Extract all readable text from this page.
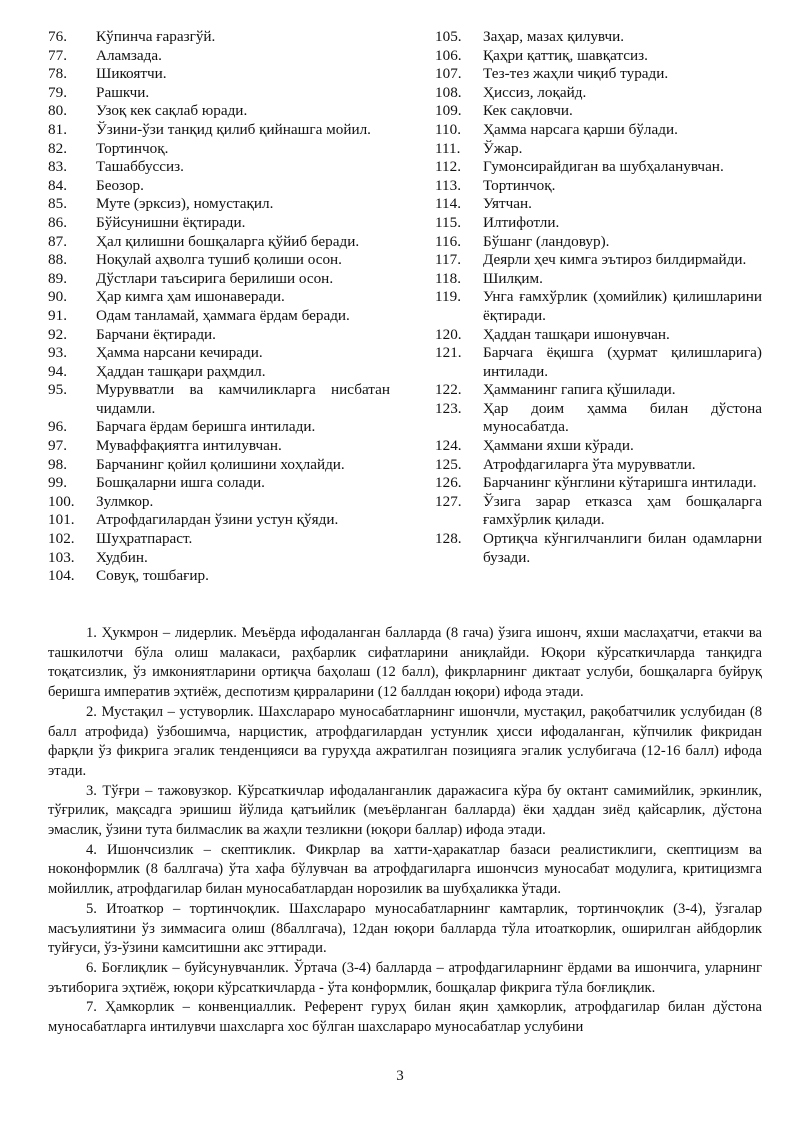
76.	Кўпинча ғаразгўй.
77.	Аламзада.
78.	Шикоятчи.
79.	Рашкчи.
80.	Узоқ кек сақлаб юради.
81.	Ўзини-ўзи танқид қилиб қийнашга мойил.
82.	Тортинчоқ.
83.	Ташаббуссиз.
84.	Беозор.
85.	Муте (эрксиз), номустақил.
86.	Бўйсунишни ёқтиради.
87.	Ҳал қилишни бошқаларга қўйиб беради.
88.	Ноқулай аҳволга тушиб қолиши осон.
89.	Дўстлари таъсирига берилиши осон.
90.	Ҳар кимга ҳам ишонаверади.
91.	Одам танламай, ҳаммага ёрдам беради.
92.	Барчани ёқтиради.
93.	Ҳамма нарсани кечиради.
94.	Ҳаддан ташқари раҳмдил.
95.	Мурувватли ва камчиликларга нисбатан чидамли.
96.	Барчага ёрдам беришга интилади.
97.	Муваффақиятга интилувчан.
98.	Барчанинг қойил қолишини хоҳлайди.
99.	Бошқаларни ишга солади.
100.	Зулмкор.
101.	Атрофдагилардан ўзини устун қўяди.
102.	Шуҳратпараст.
103.	Худбин.
104.	Совуқ, тошбағир.
105.	Заҳар, мазах қилувчи.
106.	Қаҳри қаттиқ, шавқатсиз.
107.	Тез-тез жаҳли чиқиб туради.
108.	Ҳиссиз, лоқайд.
109.	Кек сақловчи.
110.	Ҳамма нарсага қарши бўлади.
111.	Ўжар.
112.	Гумонсирайдиган ва шубҳаланувчан.
113.	Тортинчоқ.
114.	Уятчан.
115.	Илтифотли.
116.	Бўшанг (ландовур).
117.	Деярли ҳеч кимга эътироз билдирмайди.
118.	Шилқим.
119.	Унга ғамхўрлик (ҳомийлик) қилишларини ёқтиради.
120.	Ҳаддан ташқари ишонувчан.
121.	Барчага ёқишга (ҳурмат қилишларига) интилади.
122.	Ҳамманинг гапига қўшилади.
123.	Ҳар доим ҳамма билан дўстона муносабатда.
124.	Ҳаммани яхши кўради.
125.	Атрофдагиларга ўта мурувватли.
126.	Барчанинг кўнглини кўтаришга интилади.
127.	Ўзига зарар етказса ҳам бошқаларга ғамхўрлик қилади.
128.	Ортиқча кўнгилчанлиги билан одамларни бузади.

1. Ҳукмрон – лидерлик. Меъёрда ифодаланган балларда (8 гача) ўзига ишонч, яхши маслаҳатчи, етакчи ва ташкилотчи бўла олиш малакаси, раҳбарлик сифатларини аниқлайди. Юқори кўрсаткичларда танқидга тоқатсизлик, ўз имкониятларини ортиқча баҳолаш (12 балл), фикрларнинг диктаат услуби, бошқаларга буйруқ беришга императив эҳтиёж, деспотизм қирраларини (12 баллдан юқори) ифода этади.

2. Мустақил – устуворлик. Шахслараро муносабатларнинг ишончли, мустақил, рақобатчилик услубидан (8 балл атрофида) ўзбошимча, нарцистик, атрофдагилардан устунлик ҳисси ифодаланган, кўпчилик фикридан фарқли ўз фикрига эгалик тенденцияси ва гуруҳда ажратилган позицияга эгалик услубигача (12-16 балл) ифода этади.

3. Тўғри – тажовузкор. Кўрсаткичлар ифодаланганлик даражасига кўра бу октант самимийлик, эркинлик, тўғрилик, мақсадга эришиш йўлида қатъийлик (меъёрланган балларда) ёки ҳаддан зиёд қайсарлик, дўстона эмаслик, ўзини тута билмаслик ва жаҳли тезликни (юқори баллар) ифода этади.

4. Ишончсизлик – скептиклик. Фикрлар ва хатти-ҳаракатлар базаси реалистиклиги, скептицизм ва ноконформлик (8 баллгача) ўта хафа бўлувчан ва атрофдагиларга ишончсиз муносабат модулига, критицизмга мойиллик, атрофдагилар билан муносабатлардан норозилик ва шубҳаликка ўтади.

5. Итоаткор – тортинчоқлик. Шахслараро муносабатларнинг камтарлик, тортинчоқлик (3-4), ўзгалар масъулиятини ўз зиммасига олиш (8баллгача), 12дан юқори балларда тўла итоаткорлик, оширилган айбдорлик туйғуси, ўз-ўзини камситишни акс эттиради.

6. Боғлиқлик – буйсунувчанлик. Ўртача (3-4) балларда – атрофдагиларнинг ёрдами ва ишончига, уларнинг эътиборига эҳтиёж, юқори кўрсаткичларда - ўта конформлик, бошқалар фикрига тўла боғлиқлик.

7. Ҳамкорлик – конвенциаллик. Референт гуруҳ билан яқин ҳамкорлик, атрофдагилар билан дўстона муносабатларга интилувчи шахсларга хос бўлган шахслараро муносабатлар услубини

3
